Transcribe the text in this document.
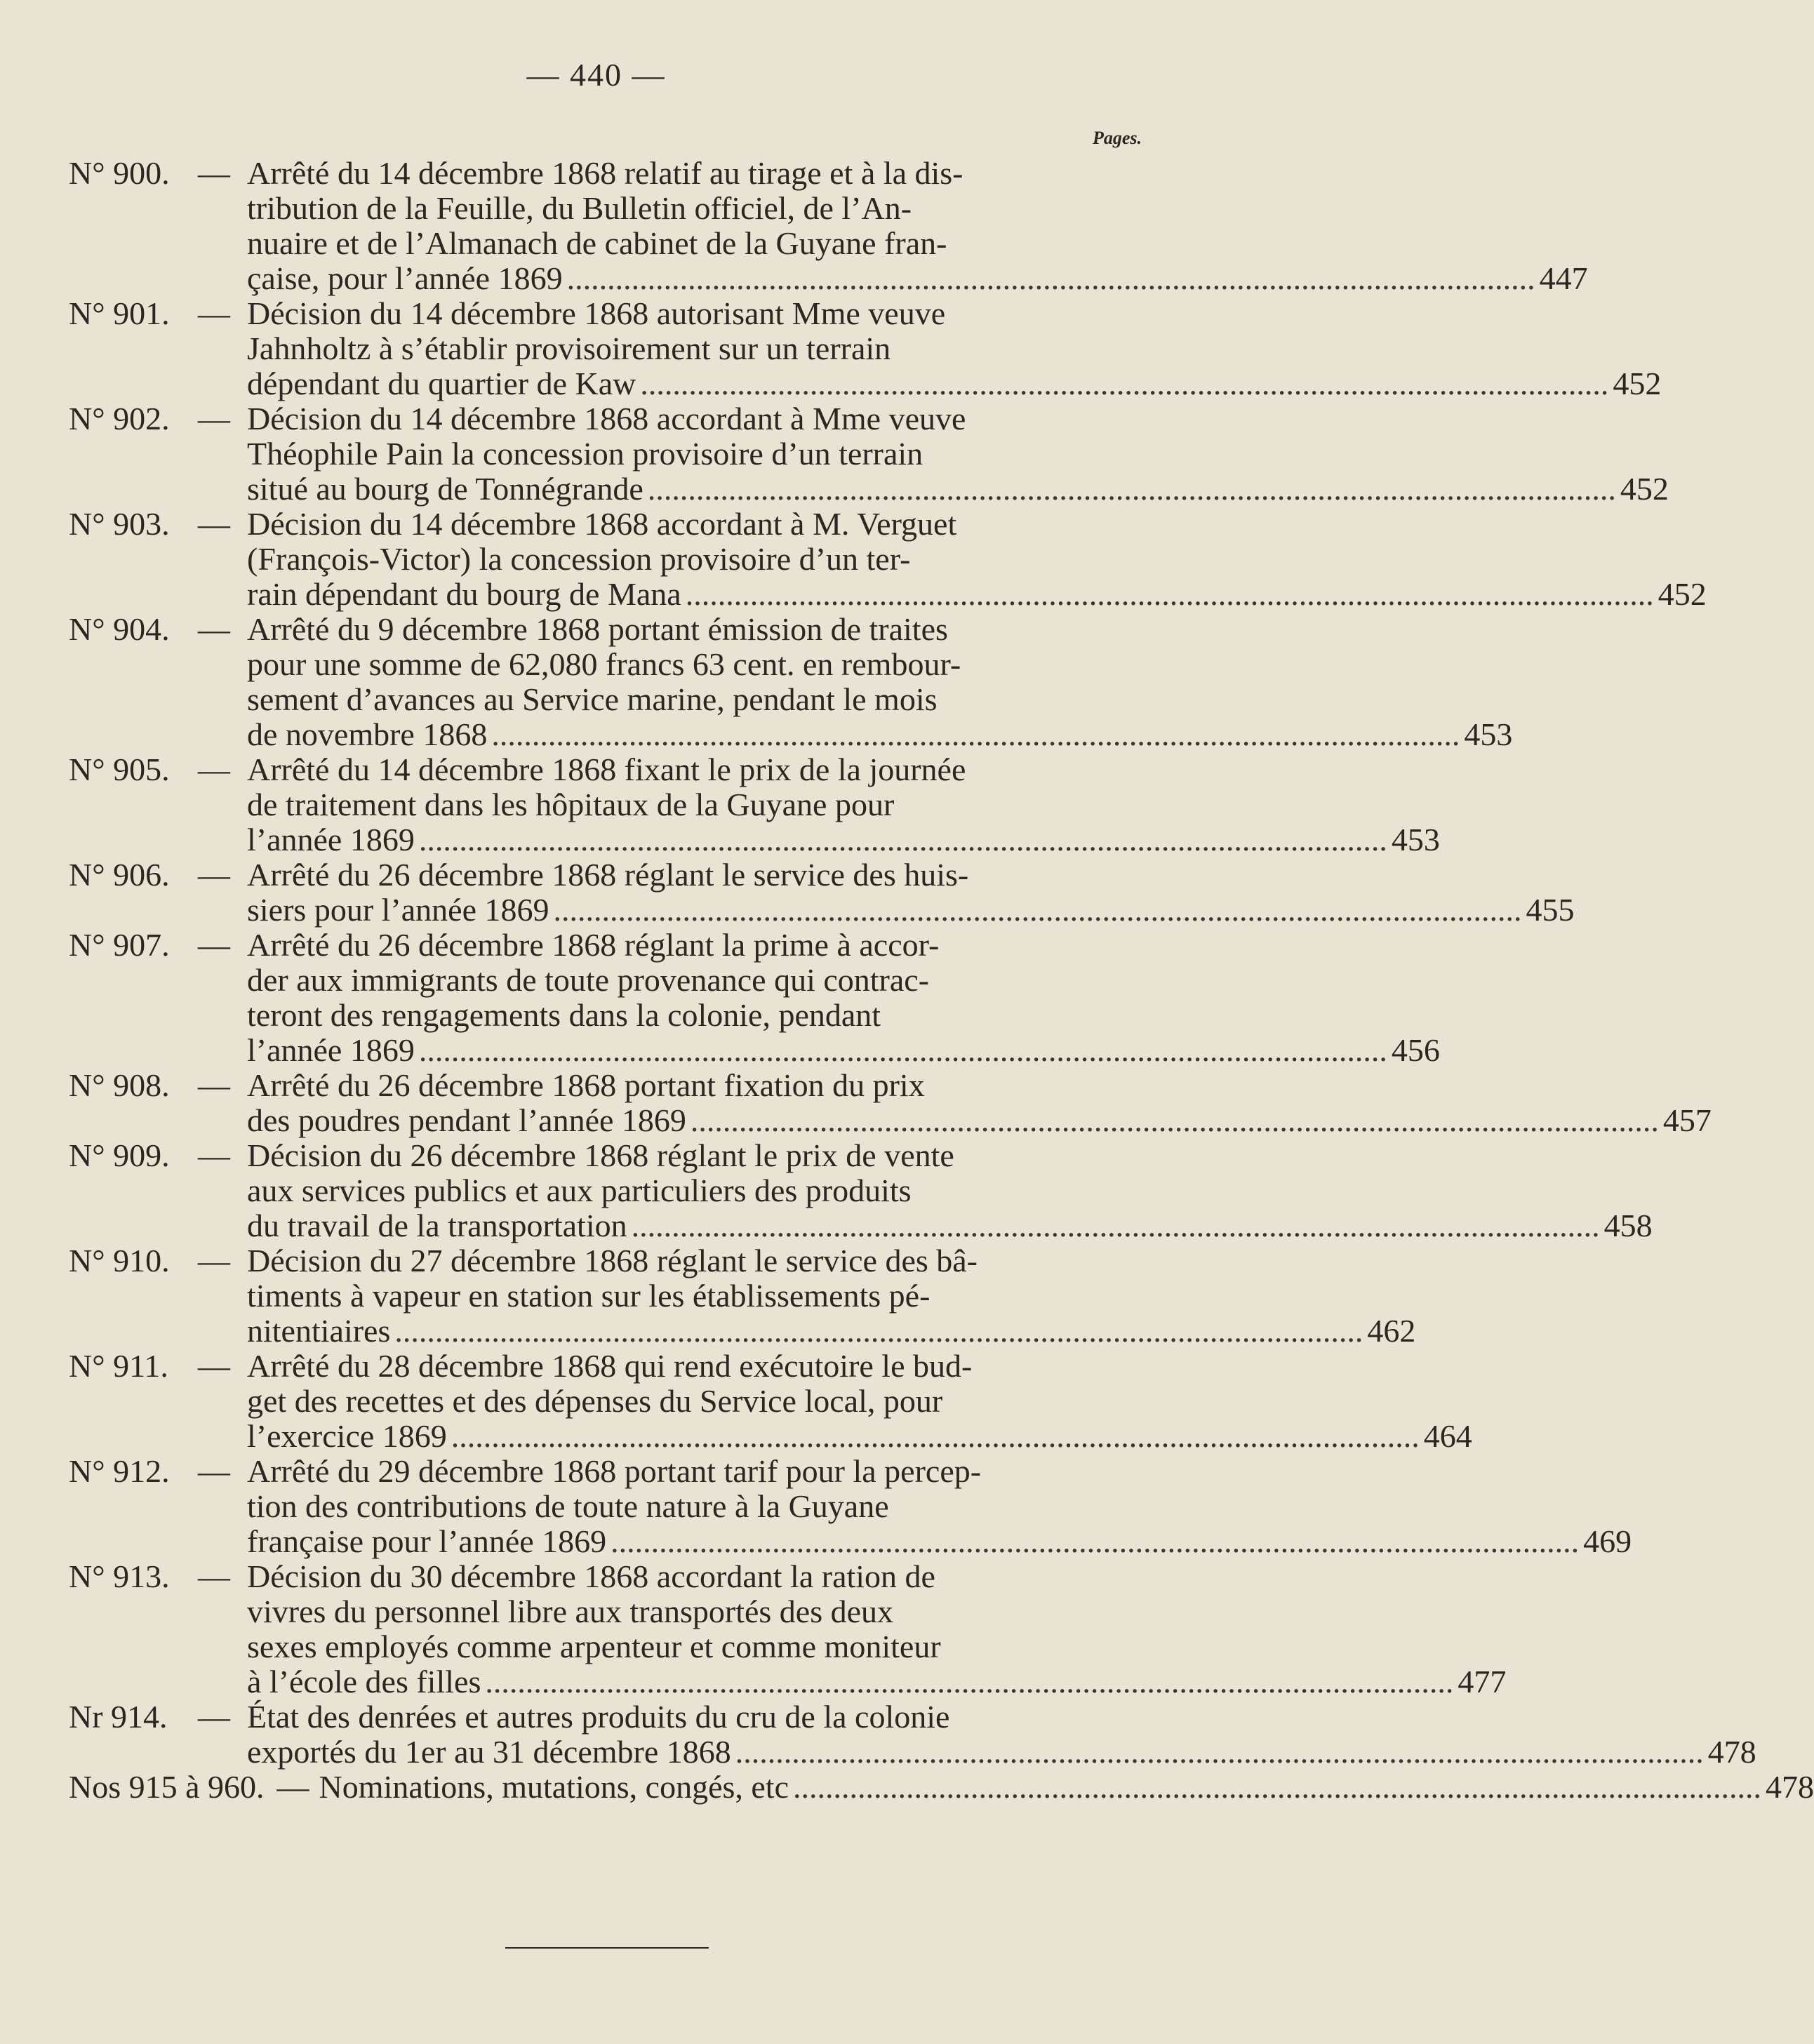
— 440 —
Pages.
N° 900. — Arrêté du 14 décembre 1868 relatif au tirage et à la dis-
tribution de la Feuille, du Bulletin officiel, de l’An-
nuaire et de l’Almanach de cabinet de la Guyane fran-
çaise, pour l’année 1869 ........................................................................................................................ 447
N° 901. — Décision du 14 décembre 1868 autorisant Mme veuve
Jahnholtz à s’établir provisoirement sur un terrain
dépendant du quartier de Kaw ........................................................................................................................ 452
N° 902. — Décision du 14 décembre 1868 accordant à Mme veuve
Théophile Pain la concession provisoire d’un terrain
situé au bourg de Tonnégrande ........................................................................................................................ 452
N° 903. — Décision du 14 décembre 1868 accordant à M. Verguet
(François-Victor) la concession provisoire d’un ter-
rain dépendant du bourg de Mana ........................................................................................................................ 452
N° 904. — Arrêté du 9 décembre 1868 portant émission de traites
pour une somme de 62,080 francs 63 cent. en rembour-
sement d’avances au Service marine, pendant le mois
de novembre 1868 ........................................................................................................................ 453
N° 905. — Arrêté du 14 décembre 1868 fixant le prix de la journée
de traitement dans les hôpitaux de la Guyane pour
l’année 1869 ........................................................................................................................ 453
N° 906. — Arrêté du 26 décembre 1868 réglant le service des huis-
siers pour l’année 1869 ........................................................................................................................ 455
N° 907. — Arrêté du 26 décembre 1868 réglant la prime à accor-
der aux immigrants de toute provenance qui contrac-
teront des rengagements dans la colonie, pendant
l’année 1869 ........................................................................................................................ 456
N° 908. — Arrêté du 26 décembre 1868 portant fixation du prix
des poudres pendant l’année 1869 ........................................................................................................................ 457
N° 909. — Décision du 26 décembre 1868 réglant le prix de vente
aux services publics et aux particuliers des produits
du travail de la transportation ........................................................................................................................ 458
N° 910. — Décision du 27 décembre 1868 réglant le service des bâ-
timents à vapeur en station sur les établissements pé-
nitentiaires ........................................................................................................................ 462
N° 911. — Arrêté du 28 décembre 1868 qui rend exécutoire le bud-
get des recettes et des dépenses du Service local, pour
l’exercice 1869 ........................................................................................................................ 464
N° 912. — Arrêté du 29 décembre 1868 portant tarif pour la percep-
tion des contributions de toute nature à la Guyane
française pour l’année 1869 ........................................................................................................................ 469
N° 913. — Décision du 30 décembre 1868 accordant la ration de
vivres du personnel libre aux transportés des deux
sexes employés comme arpenteur et comme moniteur
à l’école des filles ........................................................................................................................ 477
Nr 914. — État des denrées et autres produits du cru de la colonie
exportés du 1er au 31 décembre 1868 ........................................................................................................................ 478
Nos 915 à 960. — Nominations, mutations, congés, etc ........................................................................................................................ 478
